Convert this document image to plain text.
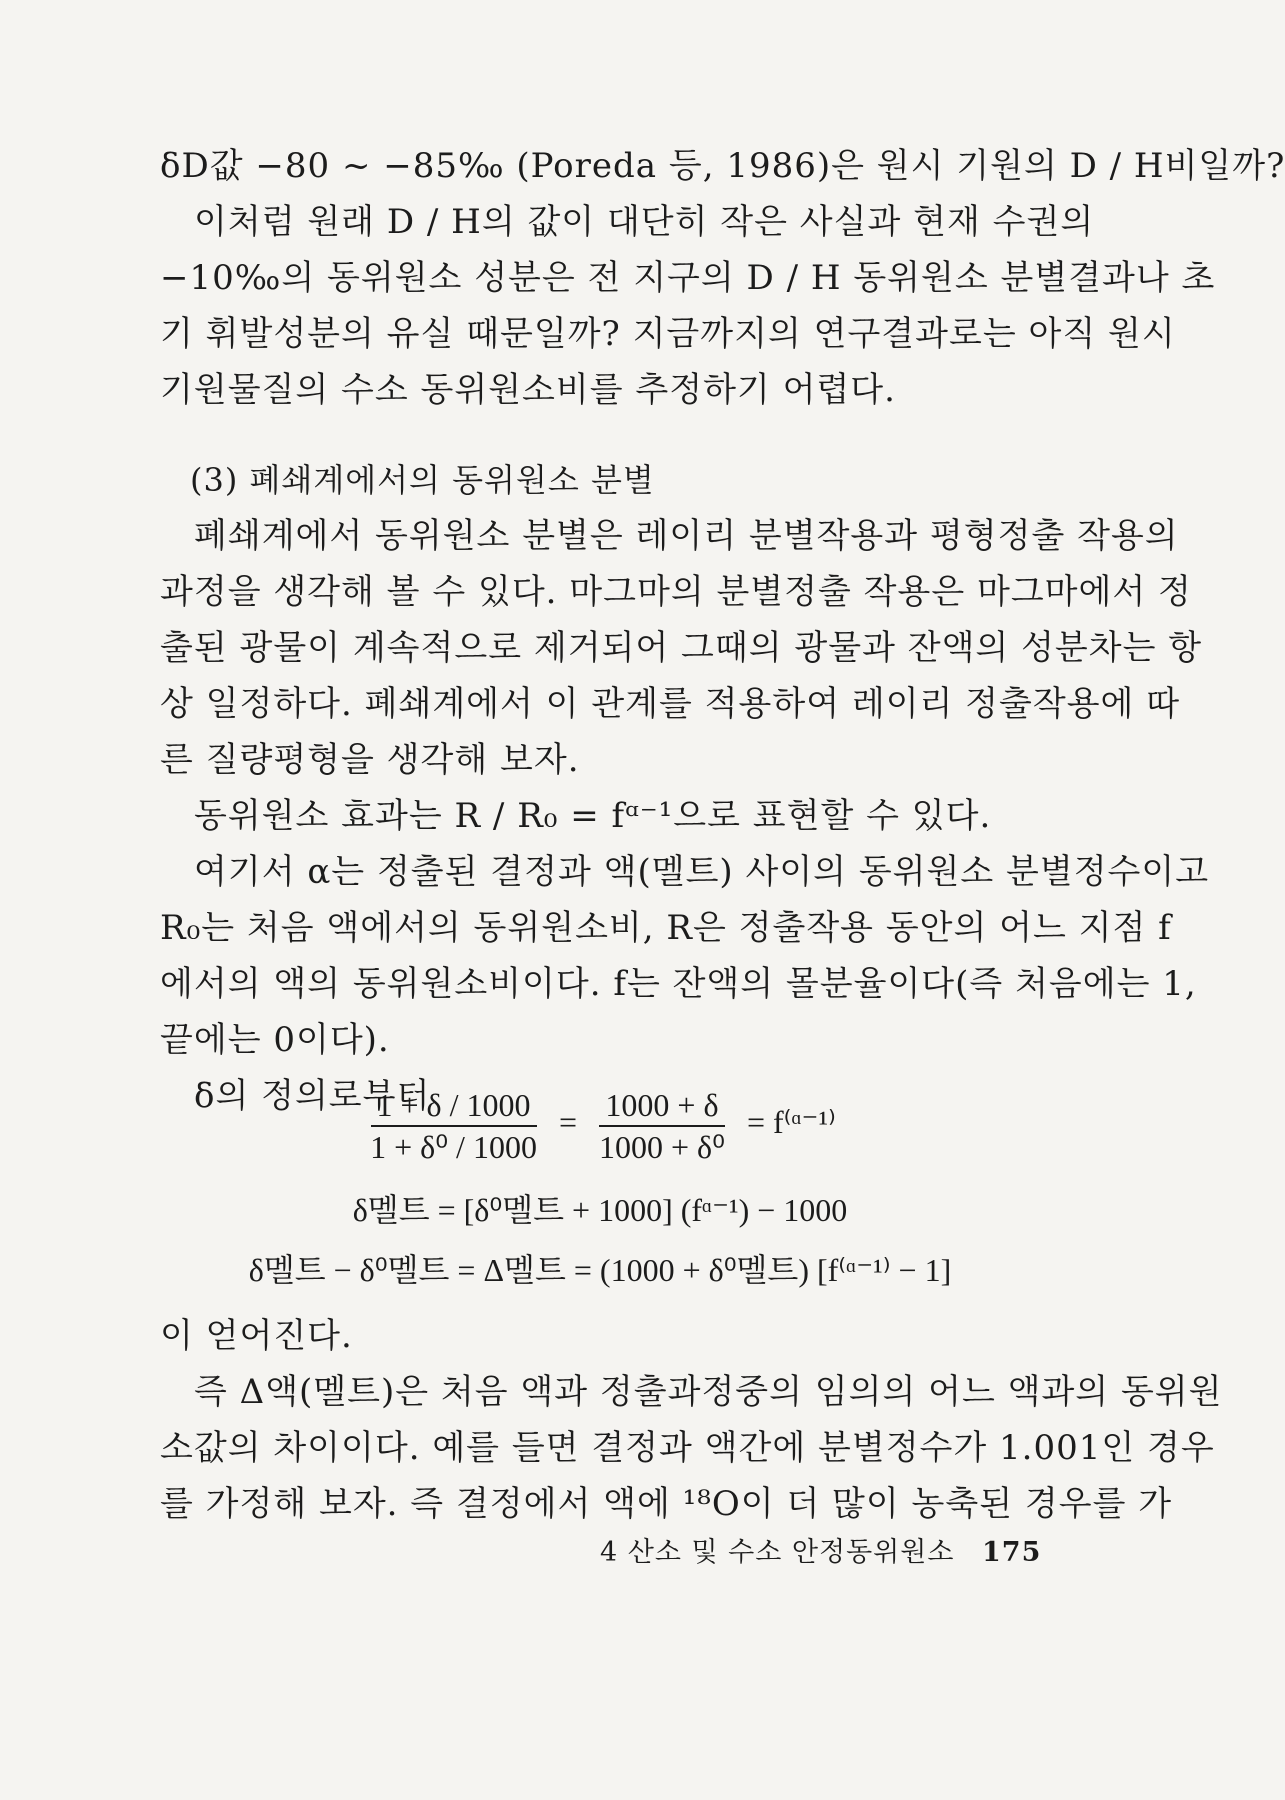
δD값 −80 ~ −85‰ (Poreda 등, 1986)은 원시 기원의 D / H비일까?
이처럼 원래 D / H의 값이 대단히 작은 사실과 현재 수권의
−10‰의 동위원소 성분은 전 지구의 D / H 동위원소 분별결과나 초
기 휘발성분의 유실 때문일까? 지금까지의 연구결과로는 아직 원시
기원물질의 수소 동위원소비를 추정하기 어렵다.
(3) 폐쇄계에서의 동위원소 분별
폐쇄계에서 동위원소 분별은 레이리 분별작용과 평형정출 작용의
과정을 생각해 볼 수 있다. 마그마의 분별정출 작용은 마그마에서 정
출된 광물이 계속적으로 제거되어 그때의 광물과 잔액의 성분차는 항
상 일정하다. 폐쇄계에서 이 관계를 적용하여 레이리 정출작용에 따
른 질량평형을 생각해 보자.
동위원소 효과는 R / R₀ = fᵅ⁻¹으로 표현할 수 있다.
여기서 α는 정출된 결정과 액(멜트) 사이의 동위원소 분별정수이고
R₀는 처음 액에서의 동위원소비, R은 정출작용 동안의 어느 지점 f
에서의 액의 동위원소비이다. f는 잔액의 몰분율이다(즉 처음에는 1,
끝에는 0이다).
δ의 정의로부터
$\frac{1 + \delta / 1000}{\text{1 + δ⁰ / 1000}} = \frac{1000 + \delta}{\text{1000 + δ⁰}}$ = f⁽ᵅ⁻¹⁾
δ멜트 = [δ⁰멜트 + 1000] (fᵅ⁻¹) − 1000
δ멜트 − δ⁰멜트 = Δ멜트 = (1000 + δ⁰멜트) [f⁽ᵅ⁻¹⁾ − 1]
이 얻어진다.
즉 Δ액(멜트)은 처음 액과 정출과정중의 임의의 어느 액과의 동위원
소값의 차이이다. 예를 들면 결정과 액간에 분별정수가 1.001인 경우
를 가정해 보자. 즉 결정에서 액에 ¹⁸O이 더 많이 농축된 경우를 가
4 산소 및 수소 안정동위원소 175
